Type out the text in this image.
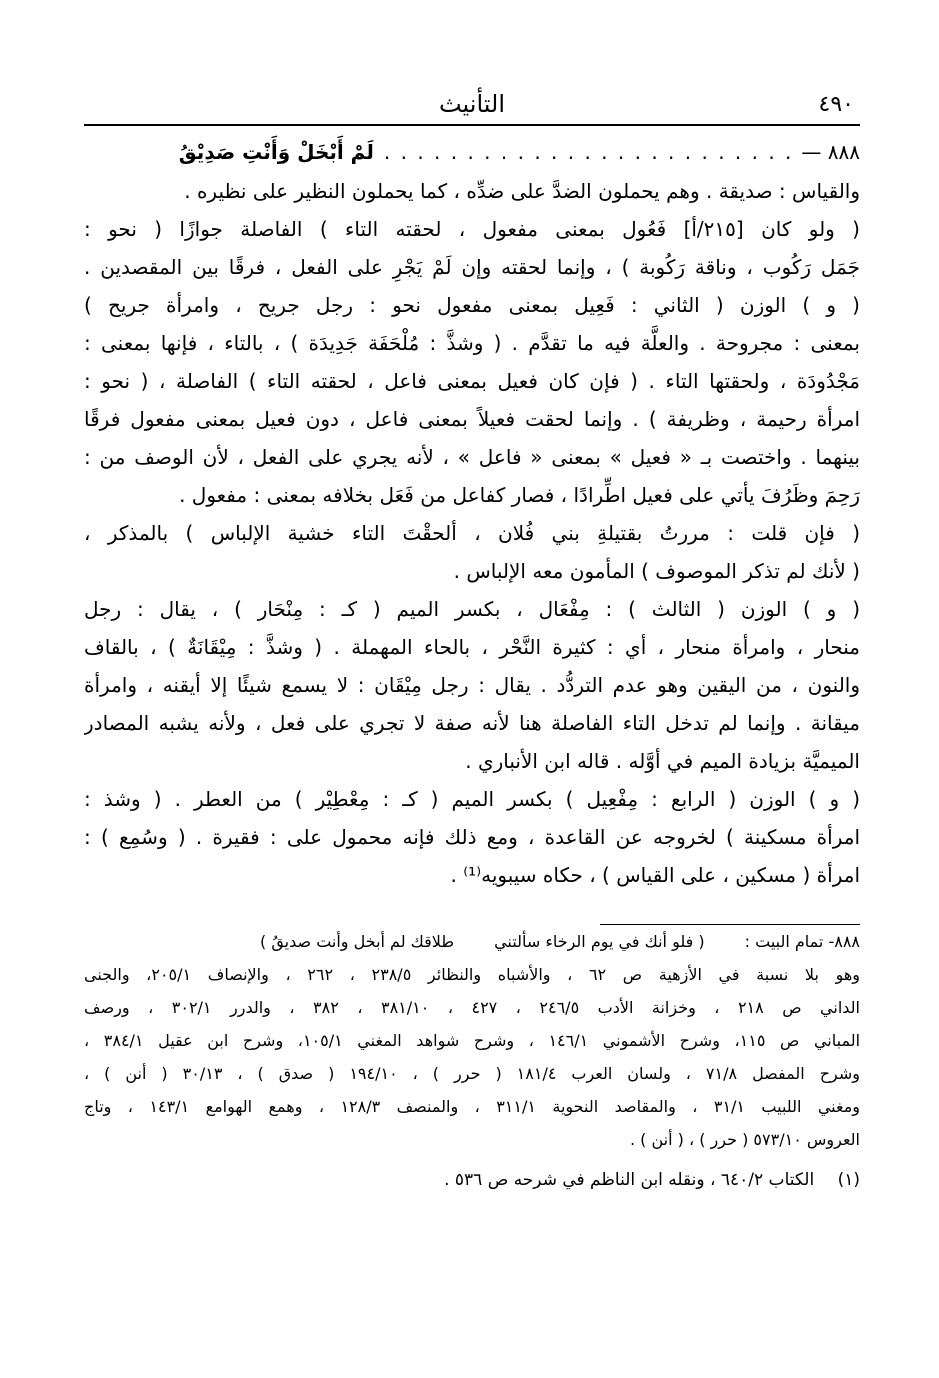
٤٩٠
التأنيث
٨٨٨ —
. . . . . . . . . . . . . . . . . . . . . . . . .
لَمْ أَبْخَلْ وَأَنْتِ صَدِيْقُ
والقياس : صديقة . وهم يحملون الضدَّ على ضدِّه ، كما يحملون النظير على نظيره .
( ولو كان [٢١٥/أ] فَعُول بمعنى مفعول ، لحقته التاء ) الفاصلة جوازًا ( نحو :
جَمَل رَكُوب ، وناقة رَكُوبة ) ، وإنما لحقته وإن لَمْ يَجْرِ على الفعل ، فرقًا بين المقصدين .
( و ) الوزن ( الثاني : فَعِيل بمعنى مفعول نحو : رجل جريح ، وامرأة جريح )
بمعنى : مجروحة . والعلَّة فيه ما تقدَّم . ( وشذَّ : مُلْحَفَة جَدِيدَة ) ، بالتاء ، فإنها بمعنى :
مَجْدُودَة ، ولحقتها التاء . ( فإن كان فعيل بمعنى فاعل ، لحقته التاء ) الفاصلة ، ( نحو :
امرأة رحيمة ، وظريفة ) . وإنما لحقت فعيلاً بمعنى فاعل ، دون فعيل بمعنى مفعول فرقًا
بينهما . واختصت بـ « فعيل » بمعنى « فاعل » ، لأنه يجري على الفعل ، لأن الوصف من :
رَحِمَ وظَرُفَ يأتي على فعيل اطِّرادًا ، فصار كفاعل من فَعَل بخلافه بمعنى : مفعول .
( فإن قلت : مررتُ بقتيلةِ بني فُلان ، ألحقْتَ التاء خشية الإلباس ) بالمذكر ،
( لأنك لم تذكر الموصوف ) المأمون معه الإلباس .
( و ) الوزن ( الثالث ) : مِفْعَال ، بكسر الميم ( كـ : مِنْحَار ) ، يقال : رجل
منحار ، وامرأة منحار ، أي : كثيرة النَّحْر ، بالحاء المهملة . ( وشذَّ : مِيْقَانَةٌ ) ، بالقاف
والنون ، من اليقين وهو عدم التردُّد . يقال : رجل مِيْقَان : لا يسمع شيئًا إلا أيقنه ، وامرأة
ميقانة . وإنما لم تدخل التاء الفاصلة هنا لأنه صفة لا تجري على فعل ، ولأنه يشبه المصادر
الميميَّة بزيادة الميم في أوَّله . قاله ابن الأنباري .
( و ) الوزن ( الرابع : مِفْعِيل ) بكسر الميم ( كـ : مِعْطِيْر ) من العطر . ( وشذ :
امرأة مسكينة ) لخروجه عن القاعدة ، ومع ذلك فإنه محمول على : فقيرة . ( وسُمِع ) :
امرأة ( مسكين ، على القياس ) ، حكاه سيبويه⁽¹⁾ .
٨٨٨- تمام البيت :
( فلو أنك في يوم الرخاء سألتني
طلاقك لم أبخل وأنت صديقُ )
وهو بلا نسبة في الأزهية ص ٦٢ ، والأشباه والنظائر ٢٣٨/٥ ، ٢٦٢ ، والإنصاف ٢٠٥/١، والجنى
الداني ص ٢١٨ ، وخزانة الأدب ٢٤٦/٥ ، ٤٢٧ ، ٣٨١/١٠ ، ٣٨٢ ، والدرر ٣٠٢/١ ، ورصف
المباني ص ١١٥، وشرح الأشموني ١٤٦/١ ، وشرح شواهد المغني ١٠٥/١، وشرح ابن عقيل ٣٨٤/١ ،
وشرح المفصل ٧١/٨ ، ولسان العرب ١٨١/٤ ( حرر ) ، ١٩٤/١٠ ( صدق ) ، ٣٠/١٣ ( أنن ) ،
ومغني اللبيب ٣١/١ ، والمقاصد النحوية ٣١١/١ ، والمنصف ١٢٨/٣ ، وهمع الهوامع ١٤٣/١ ، وتاج
العروس ٥٧٣/١٠ ( حرر ) ، ( أنن ) .
(١) الكتاب ٦٤٠/٢ ، ونقله ابن الناظم في شرحه ص ٥٣٦ .
